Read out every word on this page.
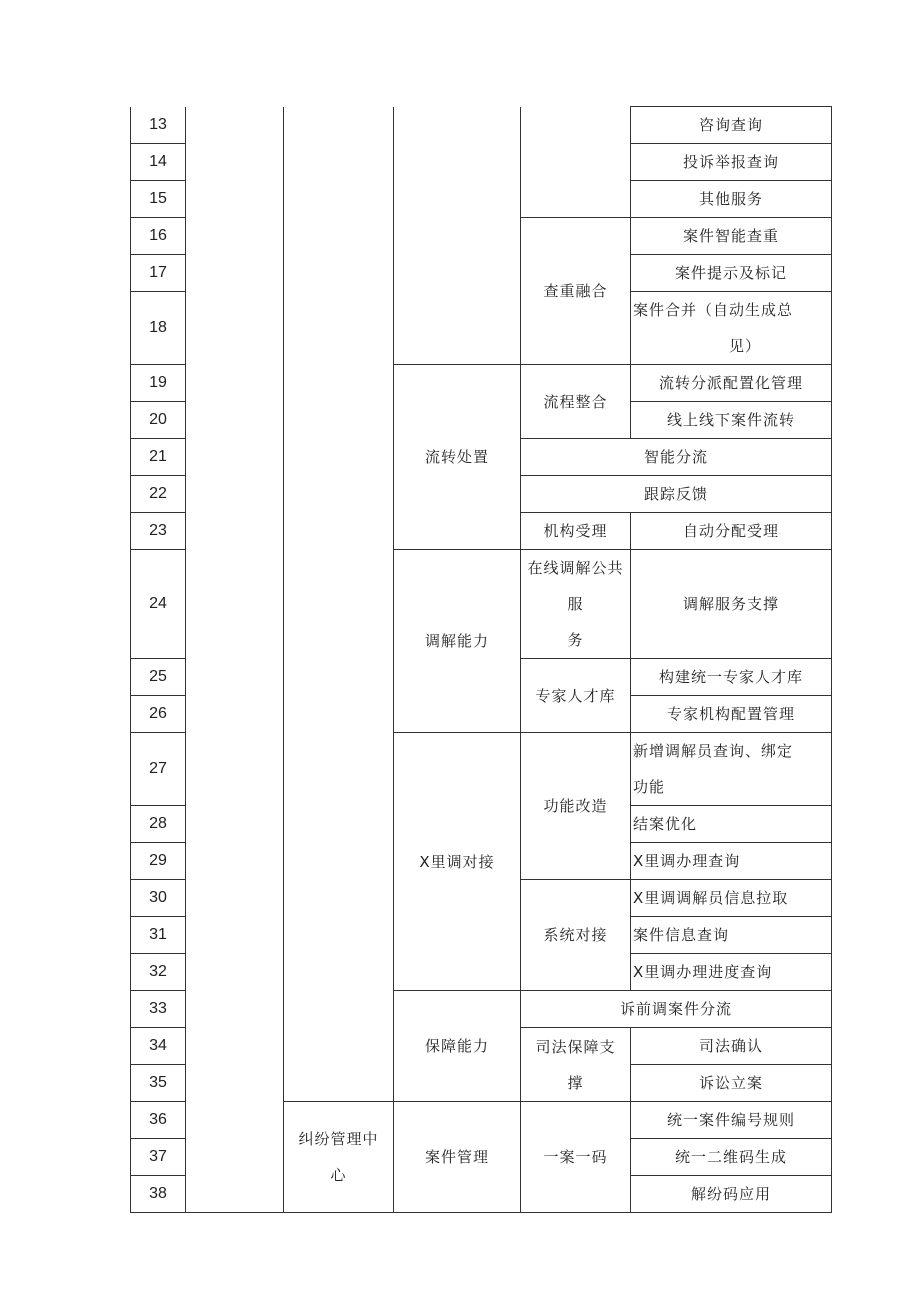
13					咨询查询
14					投诉举报查询
15					其他服务
16				查重融合	案件智能查重
17					案件提示及标记
18					案件合并（自动生成总
见）

19			流转处置	流程整合	流转分派配置化管理
20					线上线下案件流转
21				智能分流	
22				跟踪反馈	
23				机构受理	自动分配受理
24			调解能力	在线调解公共服
务	调解服务支撑
25				专家人才库	构建统一专家人才库
26					专家机构配置管理
27			X里调对接	功能改造	新增调解员查询、绑定
功能

28					结案优化
29					X里调办理查询
30				系统对接	X里调调解员信息拉取
31					案件信息查询
32					X里调办理进度查询
33			保障能力	诉前调案件分流	
34				司法保障支
撑	司法确认
35					诉讼立案
36		纠纷管理中
心	案件管理	一案一码	统一案件编号规则
37					统一二维码生成
38					解纷码应用
